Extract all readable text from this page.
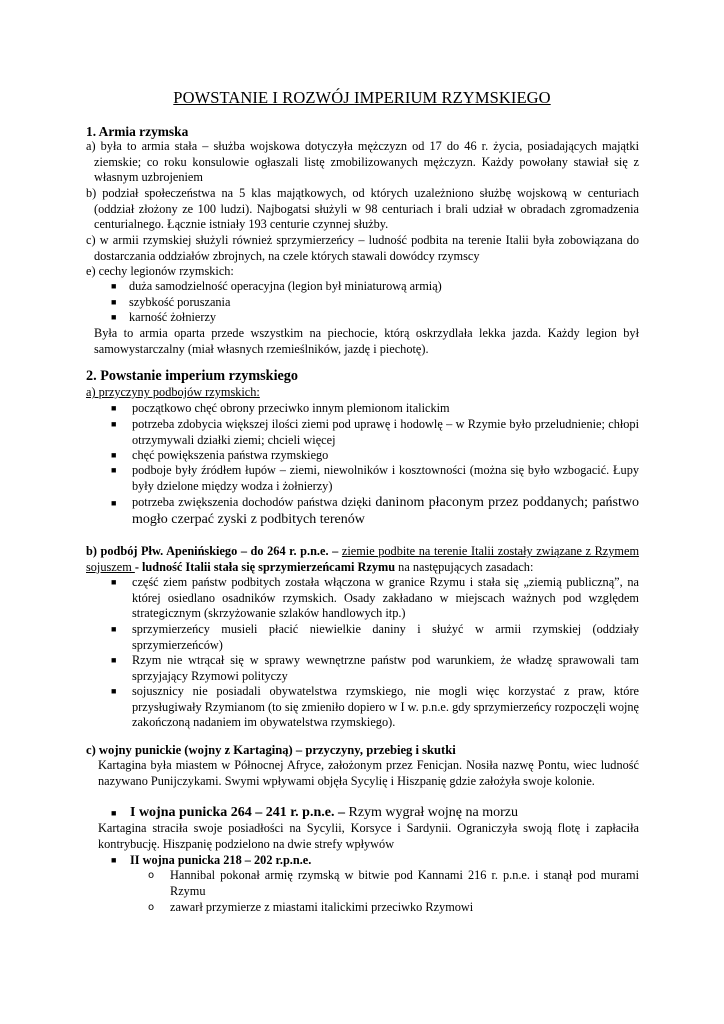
POWSTANIE I ROZWÓJ IMPERIUM RZYMSKIEGO
1. Armia rzymska
a) była to armia stała – służba wojskowa dotyczyła mężczyzn od 17 do 46 r. życia, posiadających majątki ziemskie; co roku konsulowie ogłaszali listę zmobilizowanych mężczyzn. Każdy powołany stawiał się z własnym uzbrojeniem
b) podział społeczeństwa na 5 klas majątkowych, od których uzależniono służbę wojskową w centuriach (oddział złożony ze 100 ludzi). Najbogatsi służyli w 98 centuriach i brali udział w obradach zgromadzenia centurialnego. Łącznie istniały 193 centurie czynnej służby.
c) w armii rzymskiej służyli również sprzymierzeńcy – ludność podbita na terenie Italii była zobowiązana do dostarczania oddziałów zbrojnych, na czele których stawali dowódcy rzymscy
e) cechy legionów rzymskich:
■ duża samodzielność operacyjna (legion był miniaturową armią)
■ szybkość poruszania
■ karność żołnierzy
Była to armia oparta przede wszystkim na piechocie, którą oskrzydlała lekka jazda. Każdy legion był samowystarczalny (miał własnych rzemieślników, jazdę i piechotę).
2. Powstanie imperium rzymskiego
a) przyczyny podbojów rzymskich:
■ początkowo chęć obrony przeciwko innym plemionom italickim
■ potrzeba zdobycia większej ilości ziemi pod uprawę i hodowlę – w Rzymie było przeludnienie; chłopi otrzymywali działki ziemi; chcieli więcej
■ chęć powiększenia państwa rzymskiego
■ podboje były źródłem łupów – ziemi, niewolników i kosztowności (można się było wzbogacić. Łupy były dzielone między wodza i żołnierzy)
■ potrzeba zwiększenia dochodów państwa dzięki daninom płaconym przez poddanych; państwo mogło czerpać zyski z podbitych terenów
b) podbój Płw. Apenińskiego – do 264 r. p.n.e. – ziemie podbite na terenie Italii zostały związane z Rzymem sojuszem - ludność Italii stała się sprzymierzeńcami Rzymu na następujących zasadach:
■ część ziem państw podbitych została włączona w granice Rzymu i stała się „ziemią publiczną”, na której osiedlano osadników rzymskich. Osady zakładano w miejscach ważnych pod względem strategicznym (skrzyżowanie szlaków handlowych itp.)
■ sprzymierzeńcy musieli płacić niewielkie daniny i służyć w armii rzymskiej (oddziały sprzymierzeńców)
■ Rzym nie wtrącał się w sprawy wewnętrzne państw pod warunkiem, że władzę sprawowali tam sprzyjający Rzymowi polityczy
■ sojusznicy nie posiadali obywatelstwa rzymskiego, nie mogli więc korzystać z praw, które przysługiwały Rzymianom (to się zmieniło dopiero w I w. p.n.e. gdy sprzymierzeńcy rozpoczęli wojnę zakończoną nadaniem im obywatelstwa rzymskiego).
c) wojny punickie (wojny z Kartaginą) – przyczyny, przebieg i skutki
Kartagina była miastem w Północnej Afryce, założonym przez Fenicjan. Nosiła nazwę Pontu, wiec ludność nazywano Punijczykami. Swymi wpływami objęła Sycylię i Hiszpanię gdzie założyła swoje kolonie.
■ I wojna punicka 264 – 241 r. p.n.e. – Rzym wygrał wojnę na morzu
Kartagina straciła swoje posiadłości na Sycylii, Korsyce i Sardynii. Ograniczyła swoją flotę i zapłaciła kontrybucję. Hiszpanię podzielono na dwie strefy wpływów
■ II wojna punicka 218 – 202 r.p.n.e.
o Hannibal pokonał armię rzymską w bitwie pod Kannami 216 r. p.n.e. i stanął pod murami Rzymu
o zawarł przymierze z miastami italickimi przeciwko Rzymowi
